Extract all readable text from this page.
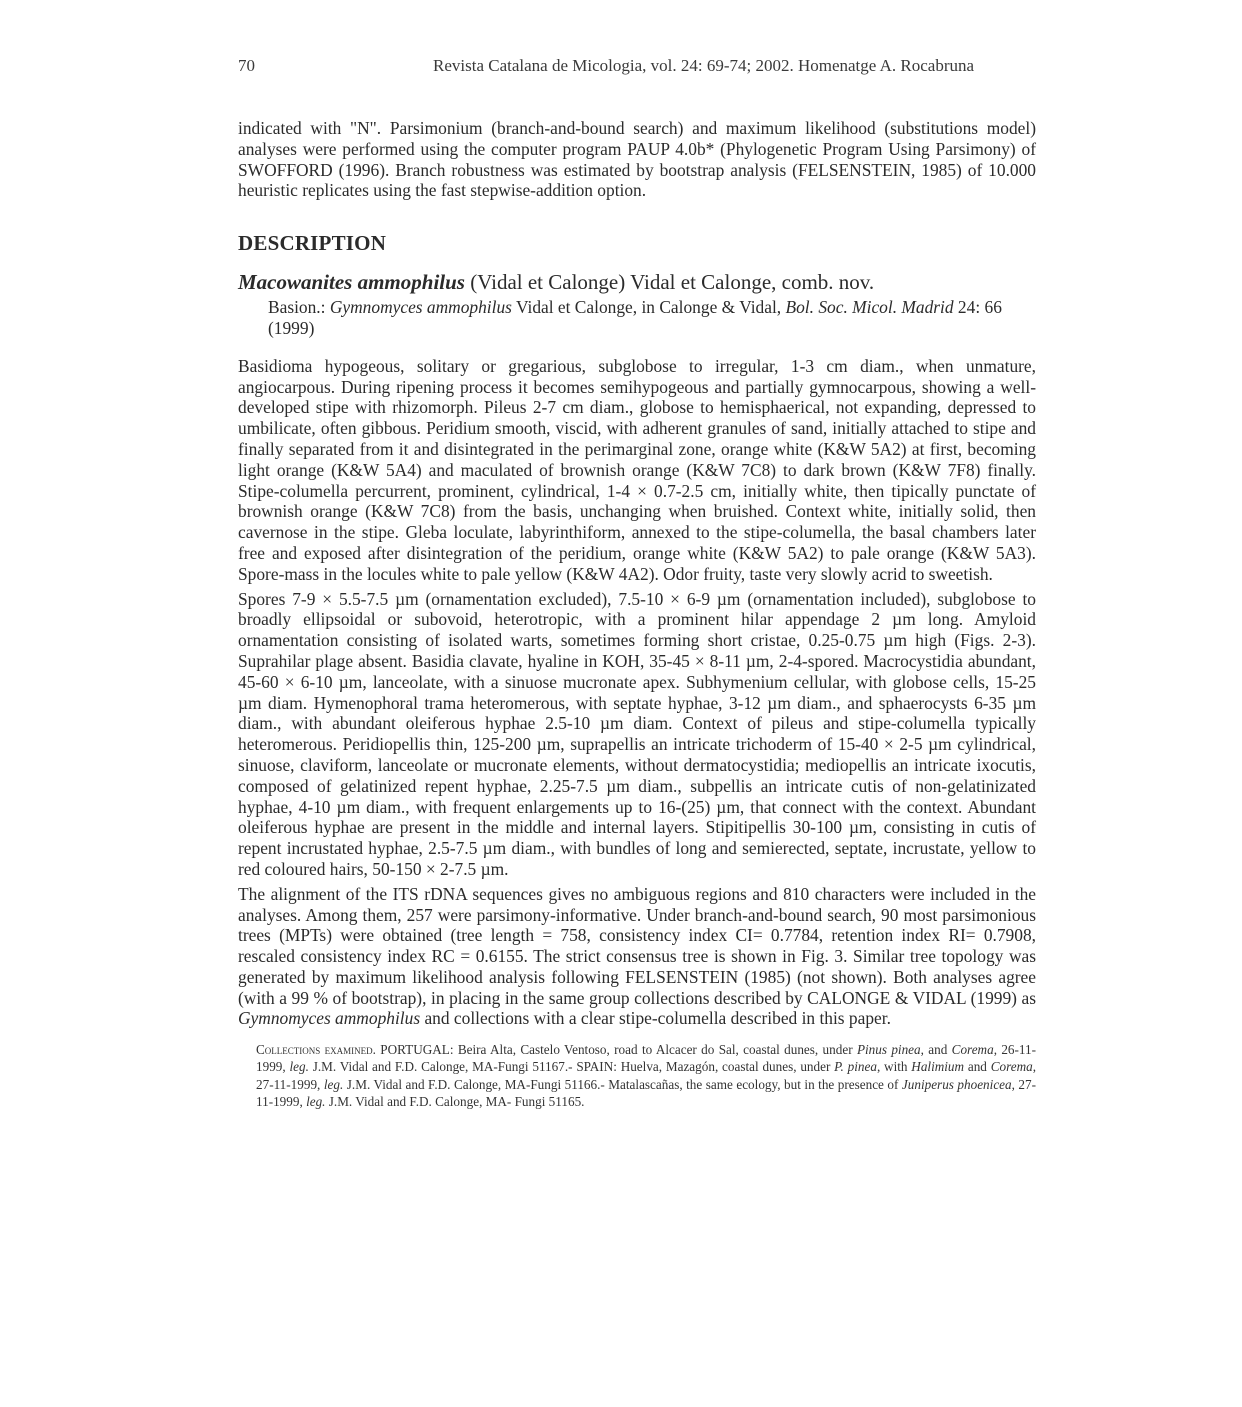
70	Revista Catalana de Micologia, vol. 24: 69-74; 2002. Homenatge A. Rocabruna

indicated with "N". Parsimonium (branch-and-bound search) and maximum likelihood (substitutions model) analyses were performed using the computer program PAUP 4.0b* (Phylogenetic Program Using Parsimony) of SWOFFORD (1996). Branch robustness was estimated by bootstrap analysis (FELSENSTEIN, 1985) of 10.000 heuristic replicates using the fast stepwise-addition option.

DESCRIPTION

Macowanites ammophilus (Vidal et Calonge) Vidal et Calonge, comb. nov.

Basion.: Gymnomyces ammophilus Vidal et Calonge, in Calonge & Vidal, Bol. Soc. Micol. Madrid 24: 66 (1999)

Basidioma hypogeous, solitary or gregarious, subglobose to irregular, 1-3 cm diam., when unmature, angiocarpous. During ripening process it becomes semihypogeous and partially gymnocarpous, showing a well-developed stipe with rhizomorph. Pileus 2-7 cm diam., globose to hemisphaerical, not expanding, depressed to umbilicate, often gibbous. Peridium smooth, viscid, with adherent granules of sand, initially attached to stipe and finally separated from it and disintegrated in the perimarginal zone, orange white (K&W 5A2) at first, becoming light orange (K&W 5A4) and maculated of brownish orange (K&W 7C8) to dark brown (K&W 7F8) finally. Stipe-columella percurrent, prominent, cylindrical, 1-4 × 0.7-2.5 cm, initially white, then tipically punctate of brownish orange (K&W 7C8) from the basis, unchanging when bruished. Context white, initially solid, then cavernose in the stipe. Gleba loculate, labyrinthiform, annexed to the stipe-columella, the basal chambers later free and exposed after disintegration of the peridium, orange white (K&W 5A2) to pale orange (K&W 5A3). Spore-mass in the locules white to pale yellow (K&W 4A2). Odor fruity, taste very slowly acrid to sweetish.

Spores 7-9 × 5.5-7.5 µm (ornamentation excluded), 7.5-10 × 6-9 µm (ornamentation included), subglobose to broadly ellipsoidal or subovoid, heterotropic, with a prominent hilar appendage 2 µm long. Amyloid ornamentation consisting of isolated warts, sometimes forming short cristae, 0.25-0.75 µm high (Figs. 2-3). Suprahilar plage absent. Basidia clavate, hyaline in KOH, 35-45 × 8-11 µm, 2-4-spored. Macrocystidia abundant, 45-60 × 6-10 µm, lanceolate, with a sinuose mucronate apex. Subhymenium cellular, with globose cells, 15-25 µm diam. Hymenophoral trama heteromerous, with septate hyphae, 3-12 µm diam., and sphaerocysts 6-35 µm diam., with abundant oleiferous hyphae 2.5-10 µm diam. Context of pileus and stipe-columella typically heteromerous. Peridiopellis thin, 125-200 µm, suprapellis an intricate trichoderm of 15-40 × 2-5 µm cylindrical, sinuose, claviform, lanceolate or mucronate elements, without dermatocystidia; mediopellis an intricate ixocutis, composed of gelatinized repent hyphae, 2.25-7.5 µm diam., subpellis an intricate cutis of non-gelatinizated hyphae, 4-10 µm diam., with frequent enlargements up to 16-(25) µm, that connect with the context. Abundant oleiferous hyphae are present in the middle and internal layers. Stipitipellis 30-100 µm, consisting in cutis of repent incrustated hyphae, 2.5-7.5 µm diam., with bundles of long and semierected, septate, incrustate, yellow to red coloured hairs, 50-150 × 2-7.5 µm.

The alignment of the ITS rDNA sequences gives no ambiguous regions and 810 characters were included in the analyses. Among them, 257 were parsimony-informative. Under branch-and-bound search, 90 most parsimonious trees (MPTs) were obtained (tree length = 758, consistency index CI= 0.7784, retention index RI= 0.7908, rescaled consistency index RC = 0.6155. The strict consensus tree is shown in Fig. 3. Similar tree topology was generated by maximum likelihood analysis following FELSENSTEIN (1985) (not shown). Both analyses agree (with a 99 % of bootstrap), in placing in the same group collections described by CALONGE & VIDAL (1999) as Gymnomyces ammophilus and collections with a clear stipe-columella described in this paper.

Collections examined. PORTUGAL: Beira Alta, Castelo Ventoso, road to Alcacer do Sal, coastal dunes, under Pinus pinea, and Corema, 26-11-1999, leg. J.M. Vidal and F.D. Calonge, MA-Fungi 51167.- SPAIN: Huelva, Mazagón, coastal dunes, under P. pinea, with Halimium and Corema, 27-11-1999, leg. J.M. Vidal and F.D. Calonge, MA-Fungi 51166.- Matalascañas, the same ecology, but in the presence of Juniperus phoenicea, 27-11-1999, leg. J.M. Vidal and F.D. Calonge, MA- Fungi 51165.
